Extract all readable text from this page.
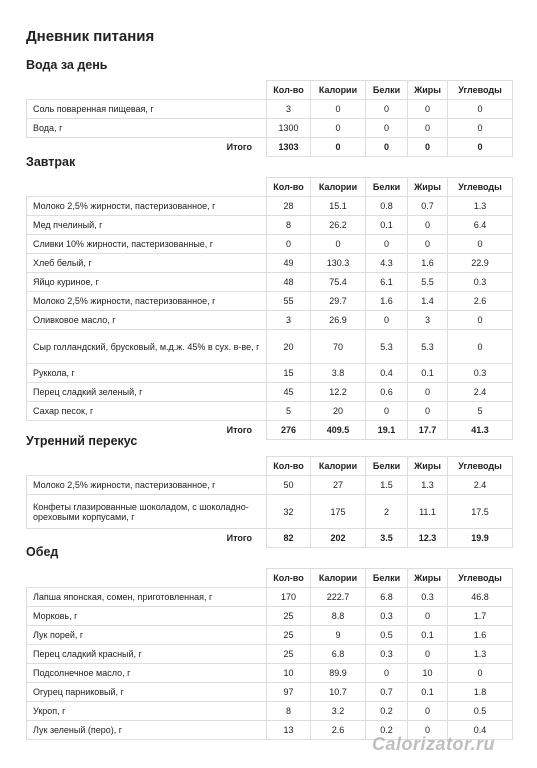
Дневник питания
Вода за день
	Кол-во	Калории	Белки	Жиры	Углеводы
Соль поваренная пищевая, г	3	0	0	0	0
Вода, г	1300	0	0	0	0
Итого	1303	0	0	0	0
Завтрак
	Кол-во	Калории	Белки	Жиры	Углеводы
Молоко 2,5% жирности, пастеризованное, г	28	15.1	0.8	0.7	1.3
Мед пчелиный, г	8	26.2	0.1	0	6.4
Сливки 10% жирности, пастеризованные, г	0	0	0	0	0
Хлеб белый, г	49	130.3	4.3	1.6	22.9
Яйцо куриное, г	48	75.4	6.1	5.5	0.3
Молоко 2,5% жирности, пастеризованное, г	55	29.7	1.6	1.4	2.6
Оливковое масло, г	3	26.9	0	3	0
Сыр голландский, брусковый, м.д.ж. 45% в сух. в-ве, г	20	70	5.3	5.3	0
Руккола, г	15	3.8	0.4	0.1	0.3
Перец сладкий зеленый, г	45	12.2	0.6	0	2.4
Сахар песок, г	5	20	0	0	5
Итого	276	409.5	19.1	17.7	41.3
Утренний перекус
	Кол-во	Калории	Белки	Жиры	Углеводы
Молоко 2,5% жирности, пастеризованное, г	50	27	1.5	1.3	2.4
Конфеты глазированные шоколадом, с шоколадно-ореховыми корпусами, г	32	175	2	11.1	17.5
Итого	82	202	3.5	12.3	19.9
Обед
	Кол-во	Калории	Белки	Жиры	Углеводы
Лапша японская, сомен, приготовленная, г	170	222.7	6.8	0.3	46.8
Морковь, г	25	8.8	0.3	0	1.7
Лук порей, г	25	9	0.5	0.1	1.6
Перец сладкий красный, г	25	6.8	0.3	0	1.3
Подсолнечное масло, г	10	89.9	0	10	0
Огурец парниковый, г	97	10.7	0.7	0.1	1.8
Укроп, г	8	3.2	0.2	0	0.5
Лук зеленый (перо), г	13	2.6	0.2	0	0.4
Calorizator.ru
